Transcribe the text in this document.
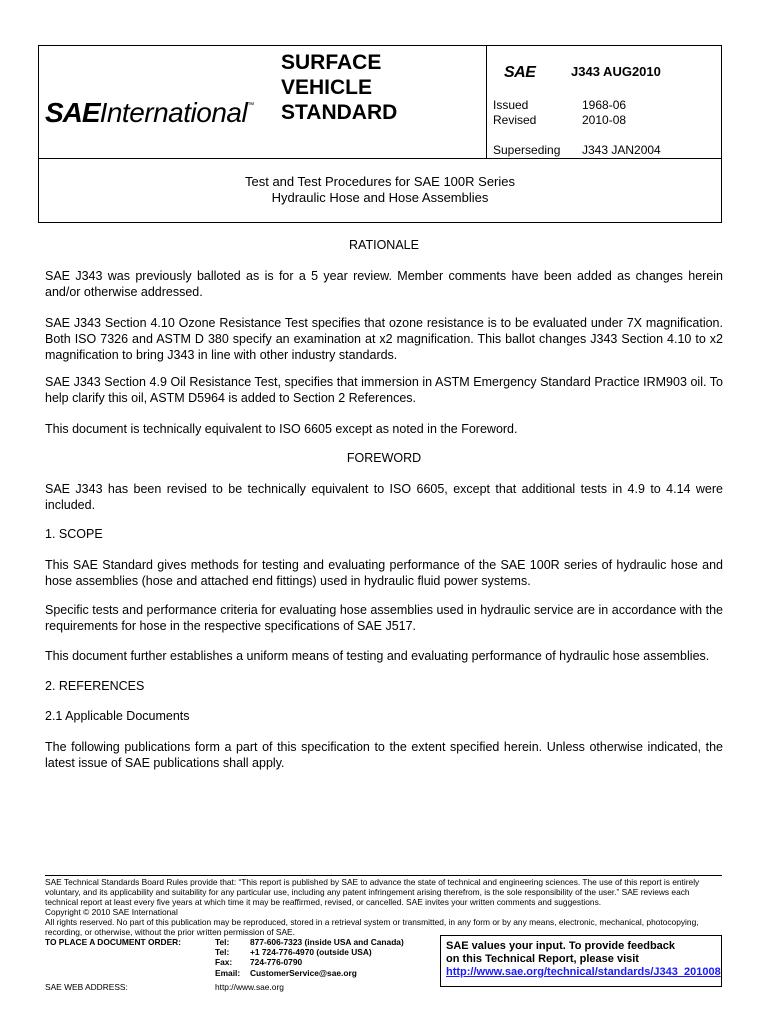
SAEInternational™
SURFACE
VEHICLE
STANDARD
SAE	J343 AUG2010
Issued	1968-06
Revised	2010-08
Superseding J343 JAN2004
Test and Test Procedures for SAE 100R Series
Hydraulic Hose and Hose Assemblies
RATIONALE
SAE J343 was previously balloted as is for a 5 year review. Member comments have been added as changes herein and/or otherwise addressed.
SAE J343 Section 4.10 Ozone Resistance Test specifies that ozone resistance is to be evaluated under 7X magnification. Both ISO 7326 and ASTM D 380 specify an examination at x2 magnification. This ballot changes J343 Section 4.10 to x2 magnification to bring J343 in line with other industry standards.
SAE J343 Section 4.9 Oil Resistance Test, specifies that immersion in ASTM Emergency Standard Practice IRM903 oil. To help clarify this oil, ASTM D5964 is added to Section 2 References.
This document is technically equivalent to ISO 6605 except as noted in the Foreword.
FOREWORD
SAE J343 has been revised to be technically equivalent to ISO 6605, except that additional tests in 4.9 to 4.14 were included.
1. SCOPE
This SAE Standard gives methods for testing and evaluating performance of the SAE 100R series of hydraulic hose and hose assemblies (hose and attached end fittings) used in hydraulic fluid power systems.
Specific tests and performance criteria for evaluating hose assemblies used in hydraulic service are in accordance with the requirements for hose in the respective specifications of SAE J517.
This document further establishes a uniform means of testing and evaluating performance of hydraulic hose assemblies.
2. REFERENCES
2.1 Applicable Documents
The following publications form a part of this specification to the extent specified herein. Unless otherwise indicated, the latest issue of SAE publications shall apply.
SAE Technical Standards Board Rules provide that: “This report is published by SAE to advance the state of technical and engineering sciences. The use of this report is entirely voluntary, and its applicability and suitability for any particular use, including any patent infringement arising therefrom, is the sole responsibility of the user.” SAE reviews each technical report at least every five years at which time it may be reaffirmed, revised, or cancelled. SAE invites your written comments and suggestions.
Copyright © 2010 SAE International
All rights reserved. No part of this publication may be reproduced, stored in a retrieval system or transmitted, in any form or by any means, electronic, mechanical, photocopying, recording, or otherwise, without the prior written permission of SAE.
TO PLACE A DOCUMENT ORDER:	Tel: 877-606-7323 (inside USA and Canada)
Tel: +1 724-776-4970 (outside USA)
Fax: 724-776-0790
Email: CustomerService@sae.org
SAE WEB ADDRESS:	http://www.sae.org
SAE values your input. To provide feedback
on this Technical Report, please visit
http://www.sae.org/technical/standards/J343_201008
